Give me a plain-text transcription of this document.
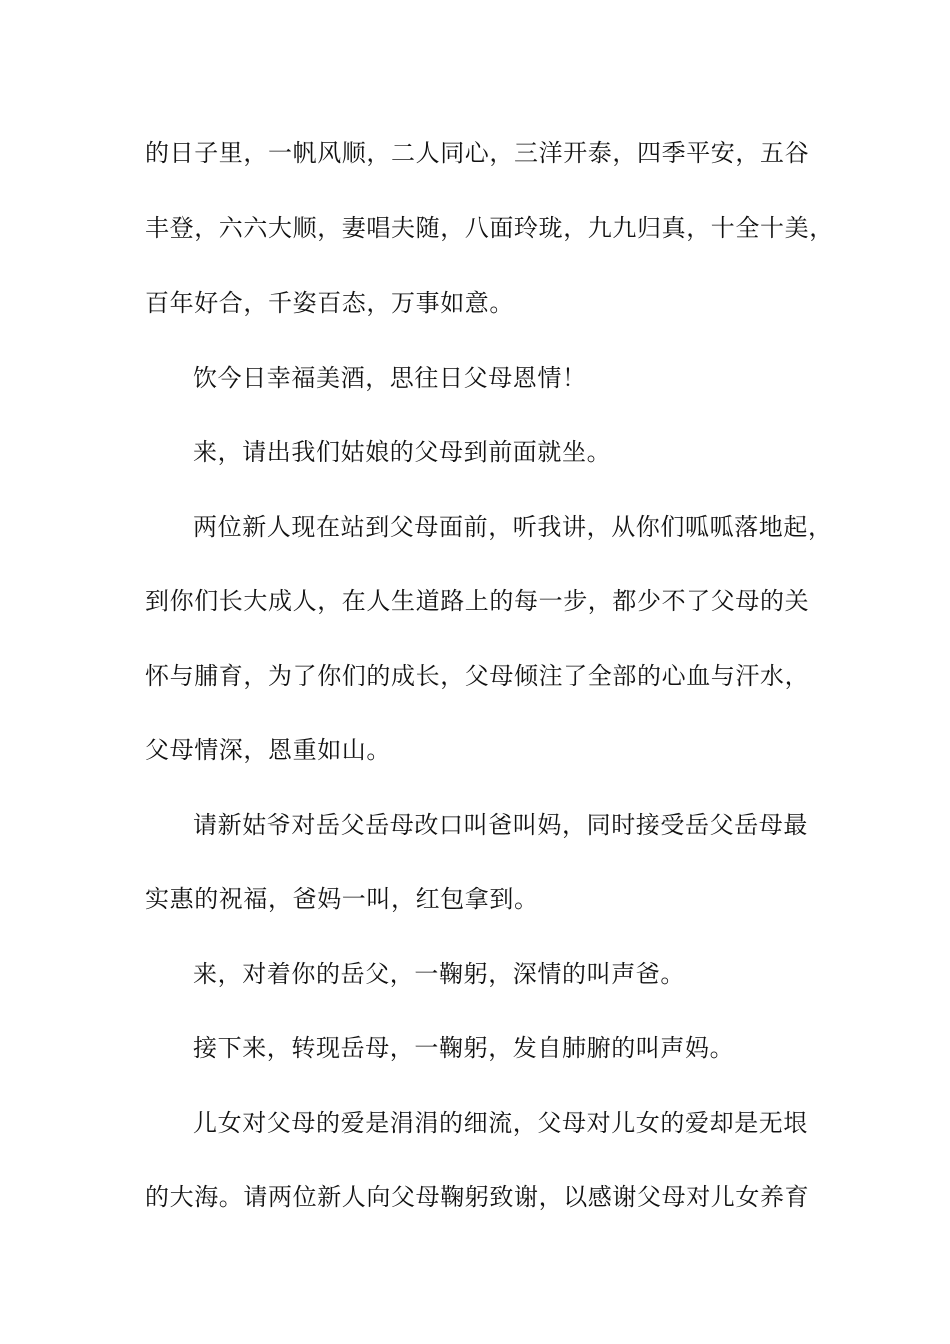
的日子里，一帆风顺，二人同心，三洋开泰，四季平安，五谷
丰登，六六大顺，妻唱夫随，八面玲珑，九九归真，十全十美，
百年好合，千姿百态，万事如意。
饮今日幸福美酒，思往日父母恩情！
来，请出我们姑娘的父母到前面就坐。
两位新人现在站到父母面前，听我讲，从你们呱呱落地起，
到你们长大成人，在人生道路上的每一步，都少不了父母的关
怀与脯育，为了你们的成长，父母倾注了全部的心血与汗水，
父母情深，恩重如山。
请新姑爷对岳父岳母改口叫爸叫妈，同时接受岳父岳母最
实惠的祝福，爸妈一叫，红包拿到。
来，对着你的岳父，一鞠躬，深情的叫声爸。
接下来，转现岳母，一鞠躬，发自肺腑的叫声妈。
儿女对父母的爱是涓涓的细流，父母对儿女的爱却是无垠
的大海。请两位新人向父母鞠躬致谢，以感谢父母对儿女养育
